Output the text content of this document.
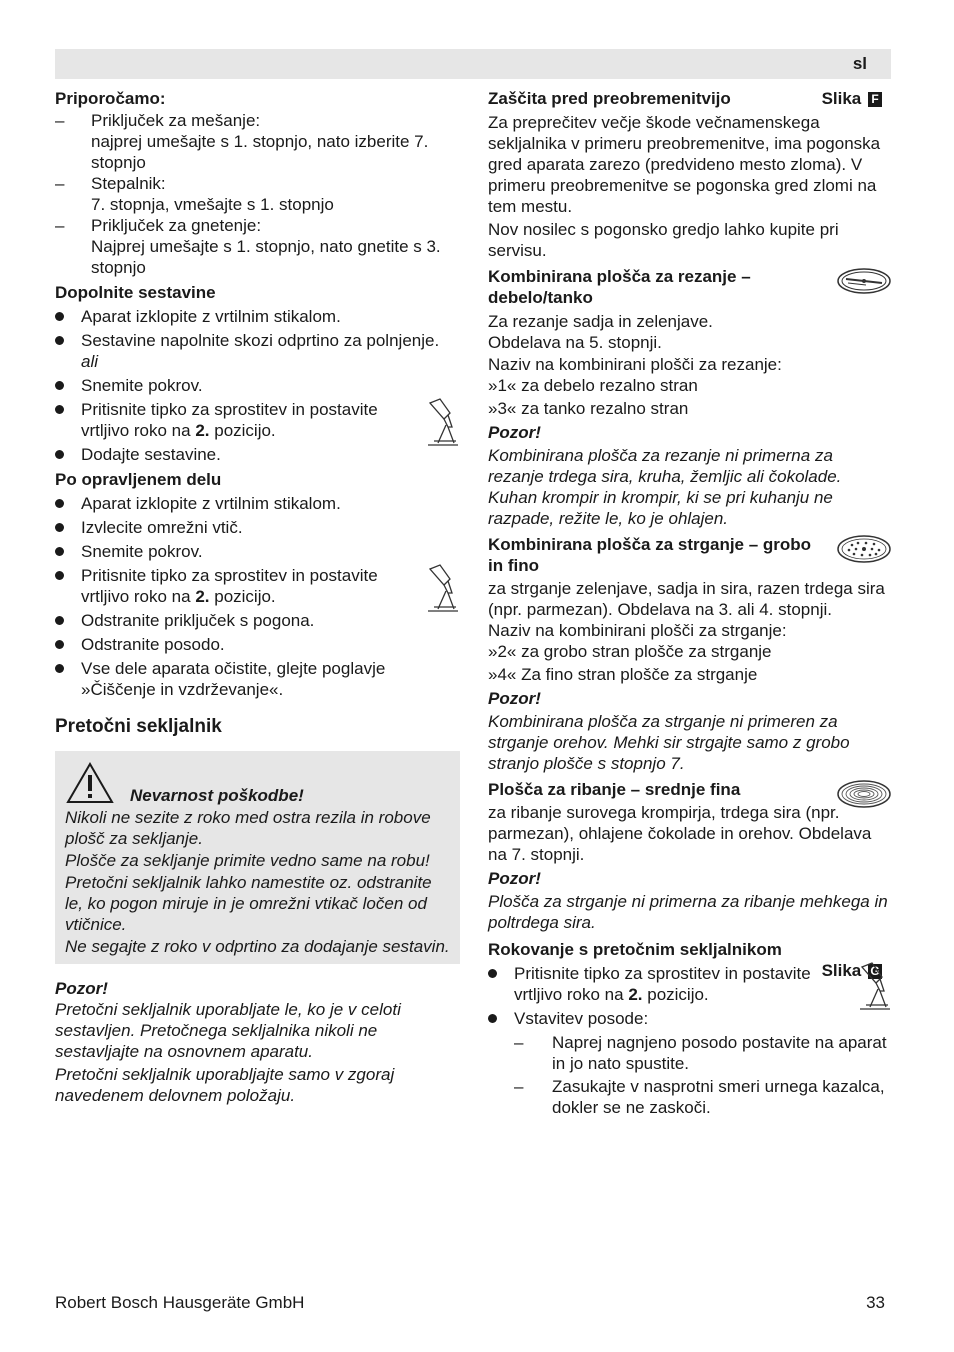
sl
Priporočamo:
– Priključek za mešanje:
najprej umešajte s 1. stopnjo, nato izberite 7. stopnjo
– Stepalnik:
7. stopnja, vmešajte s 1. stopnjo
– Priključek za gnetenje:
Najprej umešajte s 1. stopnjo, nato gnetite s 3. stopnjo
Dopolnite sestavine
Aparat izklopite z vrtilnim stikalom.
Sestavine napolnite skozi odprtino za polnjenje.
ali
Snemite pokrov.
Pritisnite tipko za sprostitev in postavite vrtljivo roko na 2. pozicijo.
Dodajte sestavine.
Po opravljenem delu
Aparat izklopite z vrtilnim stikalom.
Izvlecite omrežni vtič.
Snemite pokrov.
Pritisnite tipko za sprostitev in postavite vrtljivo roko na 2. pozicijo.
Odstranite priključek s pogona.
Odstranite posodo.
Vse dele aparata očistite, glejte poglavje »Čiščenje in vzdrževanje«.
Pretočni sekljalnik
Nevarnost poškodbe!
Nikoli ne sezite z roko med ostra rezila in robove plošč za sekljanje.
Plošče za sekljanje primite vedno same na robu!
Pretočni sekljalnik lahko namestite oz. odstranite le, ko pogon miruje in je omrežni vtikač ločen od vtičnice.
Ne segajte z roko v odprtino za dodajanje sestavin.
Pozor!
Pretočni sekljalnik uporabljate le, ko je v celoti sestavljen. Pretočnega sekljalnika nikoli ne sestavljajte na osnovnem aparatu.
Pretočni sekljalnik uporabljajte samo v zgoraj navedenem delovnem položaju.
Zaščita pred preobremenitvijo	Slika F
Za preprečitev večje škode večnamenskega sekljalnika v primeru preobremenitve, ima pogonska gred aparata zarezo (predvideno mesto zloma). V primeru preobremenitve se pogonska gred zlomi na tem mestu.
Nov nosilec s pogonsko gredjo lahko kupite pri servisu.
Kombinirana plošča za rezanje – debelo/tanko
Za rezanje sadja in zelenjave.
Obdelava na 5. stopnji.
Naziv na kombinirani plošči za rezanje:
»1« za debelo rezalno stran
»3« za tanko rezalno stran
Pozor!
Kombinirana plošča za rezanje ni primerna za rezanje trdega sira, kruha, žemljic ali čokolade. Kuhan krompir in krompir, ki se pri kuhanju ne razpade, režite le, ko je ohlajen.
Kombinirana plošča za strganje – grobo in fino
za strganje zelenjave, sadja in sira, razen trdega sira (npr. parmezan). Obdelava na 3. ali 4. stopnji.
Naziv na kombinirani plošči za strganje:
»2« za grobo stran plošče za strganje
»4« Za fino stran plošče za strganje
Pozor!
Kombinirana plošča za strganje ni primeren za strganje orehov. Mehki sir strgajte samo z grobo stranjo plošče s stopnjo 7.
Plošča za ribanje – srednje fina
za ribanje surovega krompirja, trdega sira (npr. parmezan), ohlajene čokolade in orehov. Obdelava na 7. stopnji.
Pozor!
Plošča za strganje ni primerna za ribanje mehkega in poltrdega sira.
Rokovanje s pretočnim sekljalnikom
Slika G
Pritisnite tipko za sprostitev in postavite vrtljivo roko na 2. pozicijo.
Vstavitev posode:
– Naprej nagnjeno posodo postavite na aparat in jo nato spustite.
– Zasukajte v nasprotni smeri urnega kazalca, dokler se ne zaskoči.
Robert Bosch Hausgeräte GmbH	33
